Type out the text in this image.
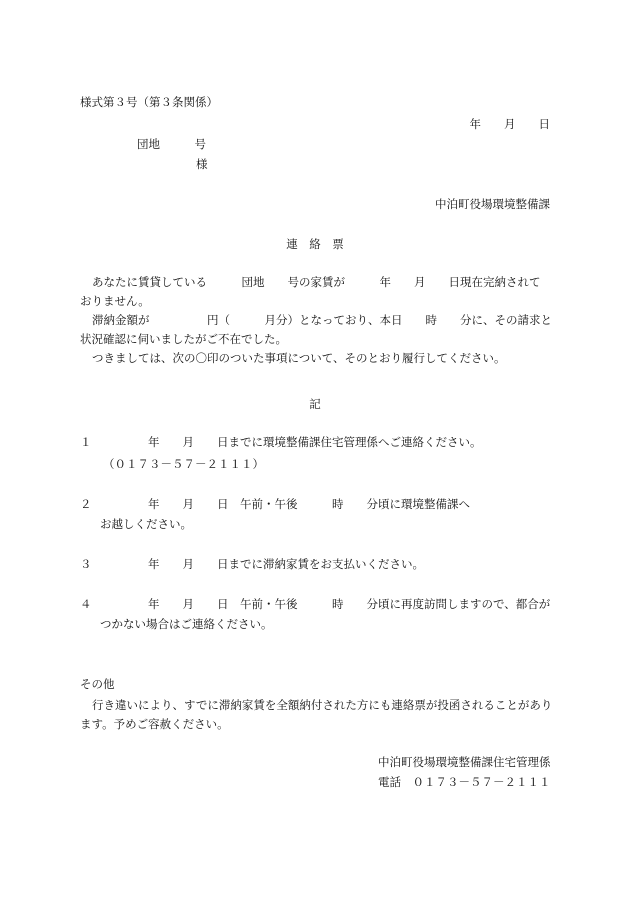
様式第３号（第３条関係）
年　　月　　日
団地　　　号
様
中泊町役場環境整備課
連　絡　票
あなたに賃貸している　　　団地　　号の家賃が　　　年　　月　　日現在完納されて
おりません。
滞納金額が　　　　　円（　　　月分）となっており、本日　　時　　分に、その請求と
状況確認に伺いましたがご不在でした。
つきましては、次の〇印のついた事項について、そのとおり履行してください。
記
１	年　　月　　日までに環境整備課住宅管理係へご連絡ください。
（０１７３－５７－２１１１）
２	年　　月　　日　午前・午後　　　時　　分頃に環境整備課へ
お越しください。
３	年　　月　　日までに滞納家賃をお支払いください。
４	年　　月　　日　午前・午後　　　時　　分頃に再度訪問しますので、都合が
つかない場合はご連絡ください。
その他
行き違いにより、すでに滞納家賃を全額納付された方にも連絡票が投函されることがあり
ます。予めご容赦ください。
中泊町役場環境整備課住宅管理係
電話　０１７３－５７－２１１１
